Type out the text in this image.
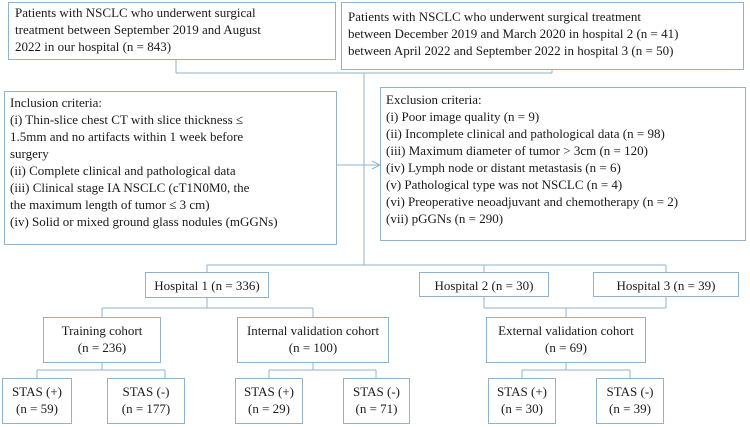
Patients with NSCLC who underwent surgical
treatment between September 2019 and August
2022 in our hospital (n = 843)
Patients with NSCLC who underwent surgical treatment
between December 2019 and March 2020 in hospital 2 (n = 41)
between April 2022 and September 2022 in hospital 3 (n = 50)
Inclusion criteria:
(i) Thin-slice chest CT with slice thickness ≤
1.5mm and no artifacts within 1 week before
surgery
(ii) Complete clinical and pathological data
(iii) Clinical stage IA NSCLC (cT1N0M0, the
the maximum length of tumor ≤ 3 cm)
(iv) Solid or mixed ground glass nodules (mGGNs)
Exclusion criteria:
(i) Poor image quality (n = 9)
(ii) Incomplete clinical and pathological data (n = 98)
(iii) Maximum diameter of tumor > 3cm (n = 120)
(iv) Lymph node or distant metastasis (n = 6)
(v) Pathological type was not NSCLC (n = 4)
(vi) Preoperative neoadjuvant and chemotherapy (n = 2)
(vii) pGGNs (n = 290)
Hospital 1 (n = 336)	Hospital 2 (n = 30)	Hospital 3 (n = 39)
Training cohort
(n = 236)
Internal validation cohort
(n = 100)
External validation cohort
(n = 69)
STAS (+)
(n = 59)
STAS (-)
(n = 177)
STAS (+)
(n = 29)
STAS (-)
(n = 71)
STAS (+)
(n = 30)
STAS (-)
(n = 39)
